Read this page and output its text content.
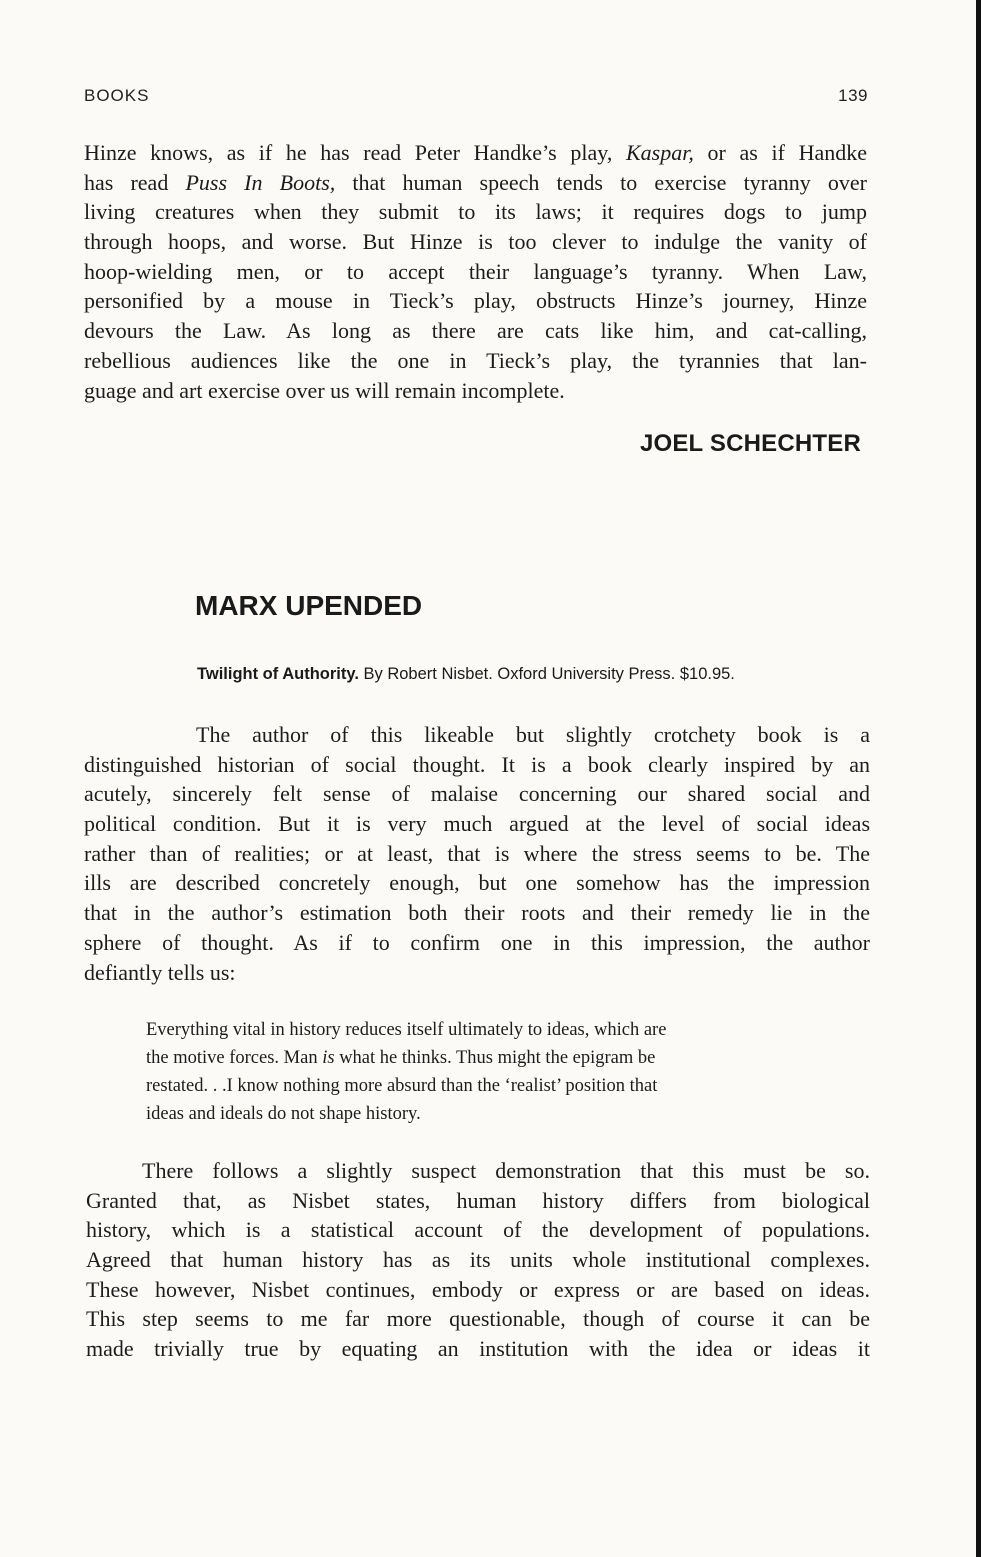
BOOKS	139
Hinze knows, as if he has read Peter Handke’s play, Kaspar, or as if Handke
has read Puss In Boots, that human speech tends to exercise tyranny over
living creatures when they submit to its laws; it requires dogs to jump
through hoops, and worse. But Hinze is too clever to indulge the vanity of
hoop-wielding men, or to accept their language’s tyranny. When Law,
personified by a mouse in Tieck’s play, obstructs Hinze’s journey, Hinze
devours the Law. As long as there are cats like him, and cat-calling,
rebellious audiences like the one in Tieck’s play, the tyrannies that lan-
guage and art exercise over us will remain incomplete.
JOEL SCHECHTER
MARX UPENDED
Twilight of Authority. By Robert Nisbet. Oxford University Press. $10.95.
The author of this likeable but slightly crotchety book is a
distinguished historian of social thought. It is a book clearly inspired by an
acutely, sincerely felt sense of malaise concerning our shared social and
political condition. But it is very much argued at the level of social ideas
rather than of realities; or at least, that is where the stress seems to be. The
ills are described concretely enough, but one somehow has the impression
that in the author’s estimation both their roots and their remedy lie in the
sphere of thought. As if to confirm one in this impression, the author
defiantly tells us:
Everything vital in history reduces itself ultimately to ideas, which are
the motive forces. Man is what he thinks. Thus might the epigram be
restated. . .I know nothing more absurd than the ‘realist’ position that
ideas and ideals do not shape history.
There follows a slightly suspect demonstration that this must be so.
Granted that, as Nisbet states, human history differs from biological
history, which is a statistical account of the development of populations.
Agreed that human history has as its units whole institutional complexes.
These however, Nisbet continues, embody or express or are based on ideas.
This step seems to me far more questionable, though of course it can be
made trivially true by equating an institution with the idea or ideas it
